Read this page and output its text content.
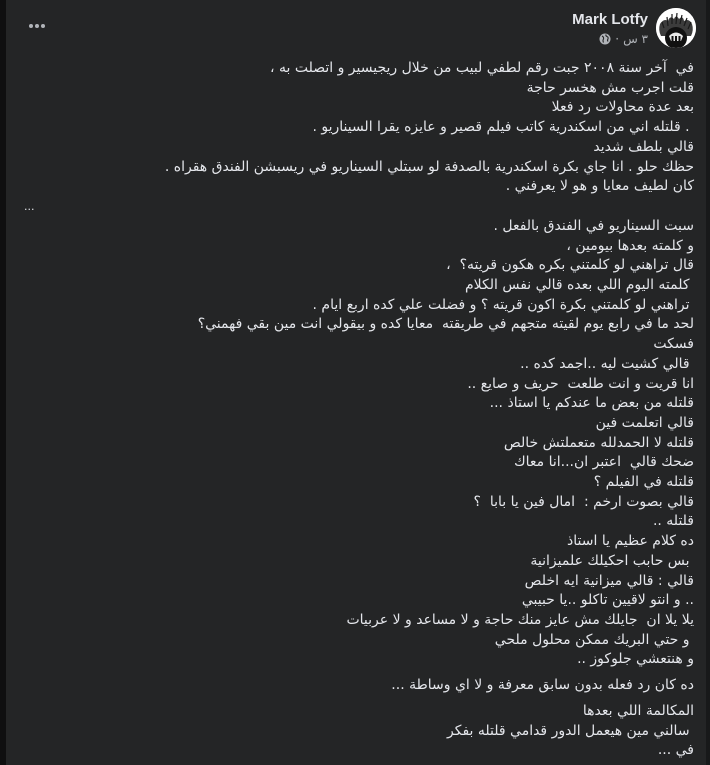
Mark Lotfy
٣ س
·
في  آخر سنة ٢٠٠٨ جبت رقم لطفي لبيب من خلال ريجيسير و اتصلت به ،
قلت اجرب مش هخسر حاجة
بعد عدة محاولات رد فعلا
. قلتله اني من اسكندرية كاتب فيلم قصير و عايزه يقرا السيناريو .
قالي بلطف شديد
حظك حلو . انا جاي بكرة اسكندرية بالصدفة لو سبتلي السيناريو في ريسبشن الفندق هقراه .
كان لطيف معايا و هو لا يعرفني .
...
سبت السيناريو في الفندق بالفعل .
و كلمته بعدها بيومين ،
قال تراهني لو كلمتني بكره هكون قريته؟  ،
كلمته اليوم اللي بعده قالي نفس الكلام
تراهني لو كلمتني بكرة اكون قريته ؟ و فضلت علي كده اربع ايام .
لحد ما في رابع يوم لقيته متجهم في طريقته  معايا كده و بيقولي انت مين بقي فهمني؟
فسكت
قالي كشيت ليه ..اجمد كده ..
انا قريت و انت طلعت  حريف و صايع ..
قلتله من بعض ما عندكم يا استاذ ...
قالي اتعلمت فين
قلتله لا الحمدلله متعملتش خالص
ضحك قالي  اعتبر ان...انا معاك
قلتله في الفيلم ؟
قالي بصوت ارخم :  امال فين يا بابا  ؟
قلتله ..
ده كلام عظيم يا استاذ
بس حابب احكيلك علميزانية
قالي : قالي ميزانية ايه اخلص
.. و انتو لاقيين تاكلو ..يا حبيبي
يلا يلا ان  جايلك مش عايز منك حاجة و لا مساعد و لا عربيات
و حتي البريك ممكن محلول ملحي
و هنتعشي جلوكوز ..
ده كان رد فعله بدون سابق معرفة و لا اي وساطة ...
المكالمة اللي بعدها
سالني مين هيعمل الدور قدامي قلتله بفكر
في ...
